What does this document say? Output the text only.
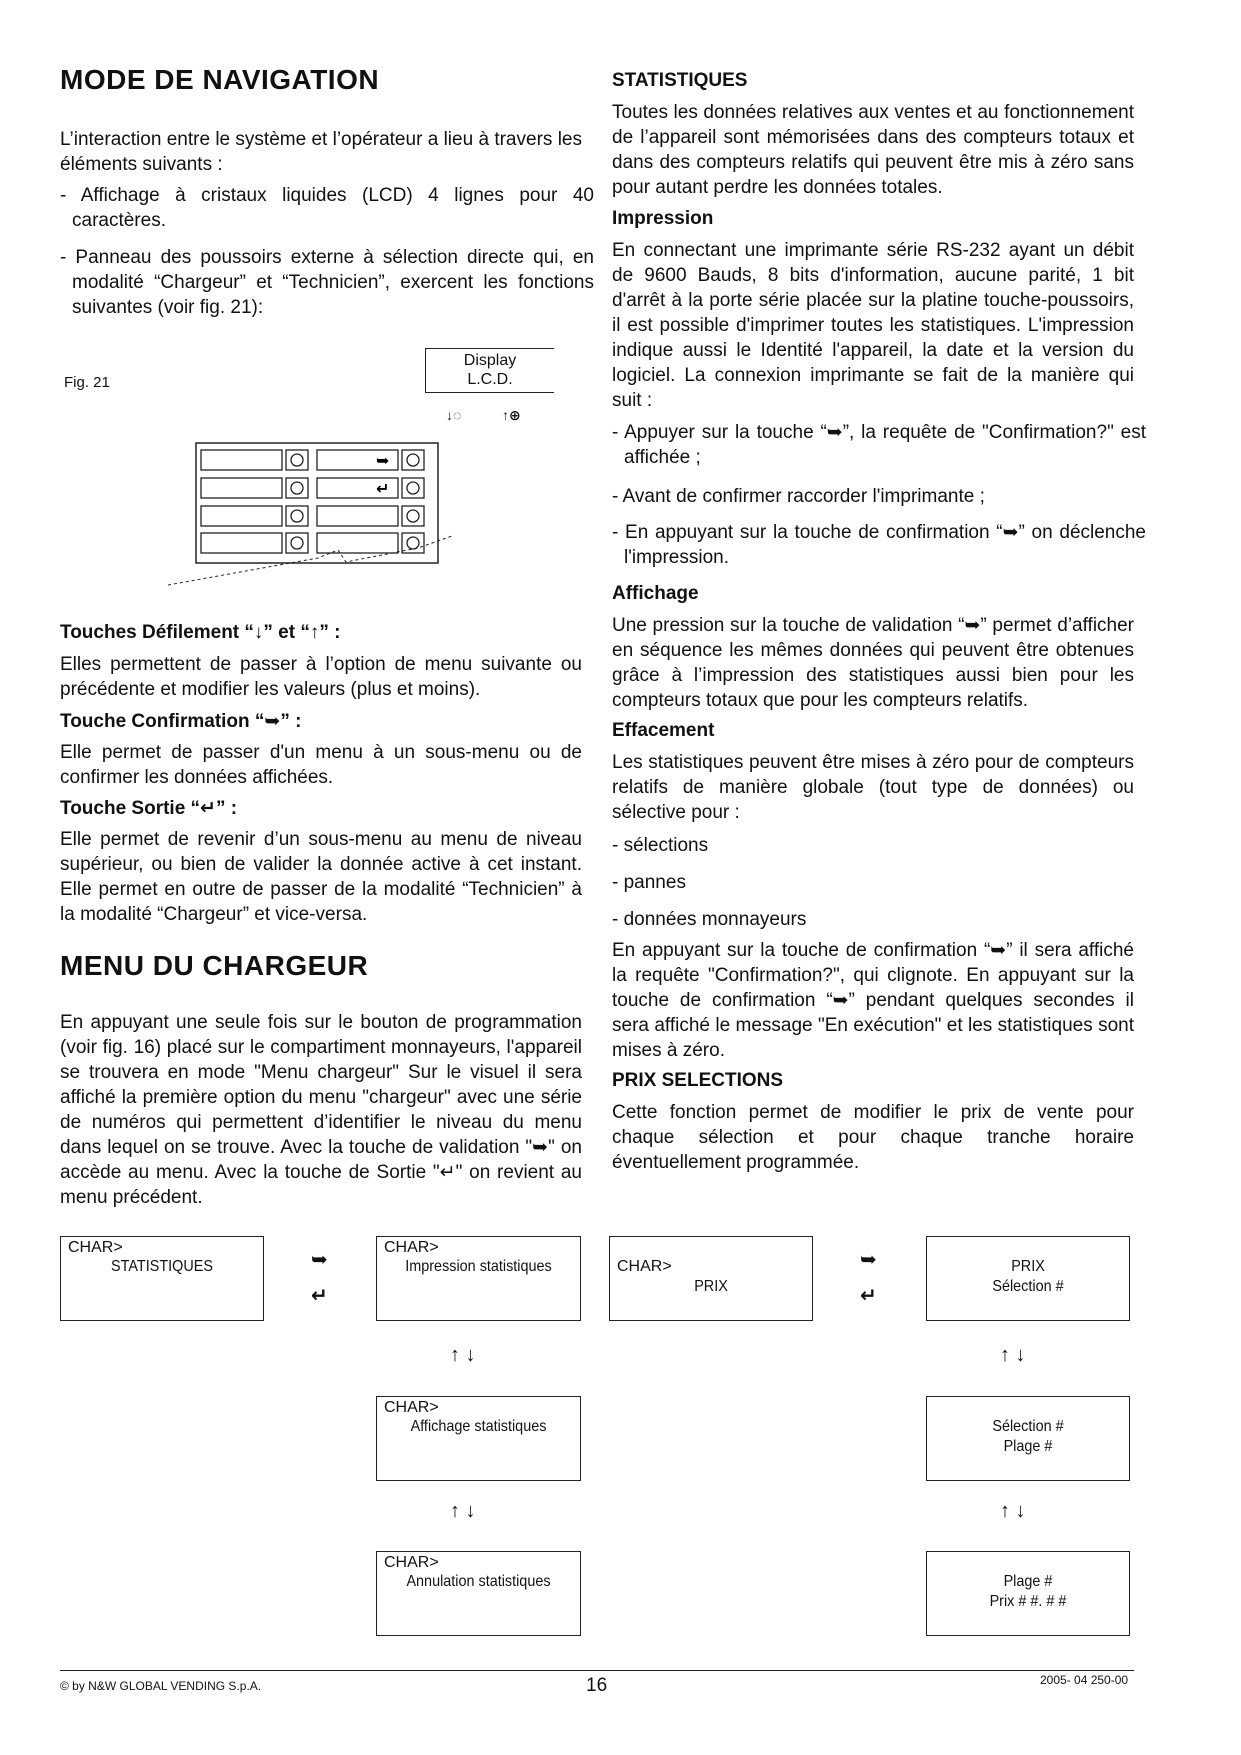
MODE DE NAVIGATION

L’interaction entre le système et l’opérateur a lieu à travers les éléments suivants :

- Affichage à cristaux liquides (LCD) 4 lignes pour 40 caractères.

- Panneau des poussoirs externe à sélection directe qui, en modalité “Chargeur” et “Technicien”, exercent les fonctions suivantes (voir fig. 21):

Fig. 21
Display
L.C.D.
↓◌	↑⊕
➥
↵
Touches Défilement “↓” et “↑” :

Elles permettent de passer à l’option de menu suivante ou précédente et modifier les valeurs (plus et moins).

Touche Confirmation “➥” :

Elle permet de passer d'un menu à un sous-menu ou de confirmer les données affichées.

Touche Sortie “↵” :

Elle permet de revenir d’un sous-menu au menu de niveau supérieur, ou bien de valider la donnée active à cet instant. Elle permet en outre de passer de la modalité “Technicien” à la modalité “Chargeur” et vice-versa.

MENU DU CHARGEUR

En appuyant une seule fois sur le bouton de programmation (voir fig. 16) placé sur le compartiment monnayeurs, l'appareil se trouvera en mode "Menu chargeur" Sur le visuel il sera affiché la première option du menu "chargeur" avec une série de numéros qui permettent d’identifier le niveau du menu dans lequel on se trouve. Avec la touche de validation "➥" on accède au menu. Avec la touche de Sortie "↵" on revient au menu précédent.

STATISTIQUES

Toutes les données relatives aux ventes et au fonctionnement de l’appareil sont mémorisées dans des compteurs totaux et dans des compteurs relatifs qui peuvent être mis à zéro sans pour autant perdre les données totales.

Impression

En connectant une imprimante série RS-232 ayant un débit de 9600 Bauds, 8 bits d'information, aucune parité, 1 bit d'arrêt à la porte série placée sur la platine touche-poussoirs, il est possible d'imprimer toutes les statistiques. L'impression indique aussi le Identité l'appareil, la date et la version du logiciel. La connexion imprimante se fait de la manière qui suit :

- Appuyer sur la touche “➥”, la requête de "Confirmation?" est affichée ;

- Avant de confirmer raccorder l'imprimante ;

- En appuyant sur la touche de confirmation “➥” on déclenche l'impression.

Affichage

Une pression sur la touche de validation “➥” permet d’afficher en séquence les mêmes données qui peuvent être obtenues grâce à l’impression des statistiques aussi bien pour les compteurs totaux que pour les compteurs relatifs.

Effacement

Les statistiques peuvent être mises à zéro pour de compteurs relatifs de manière globale (tout type de données) ou sélective pour :

- sélections

- pannes

- données monnayeurs

En appuyant sur la touche de confirmation “➥” il sera affiché la requête "Confirmation?", qui clignote. En appuyant sur la touche de confirmation “➥” pendant quelques secondes il sera affiché le message "En exécution" et les statistiques sont mises à zéro.

PRIX SELECTIONS

Cette fonction permet de modifier le prix de vente pour chaque sélection et pour chaque tranche horaire éventuellement programmée.

CHAR>
STATISTIQUES	➥
↵
CHAR>
Impression statistiques	CHAR>
PRIX
➥
↵
PRIX
Sélection #
↑ ↓	↑ ↓
CHAR>
Affichage statistiques	Sélection #
Plage #
↑ ↓	↑ ↓
CHAR>
Annulation statistiques	Plage #
Prix # #. # #
© by N&W GLOBAL VENDING S.p.A.	16	2005- 04 250-00
